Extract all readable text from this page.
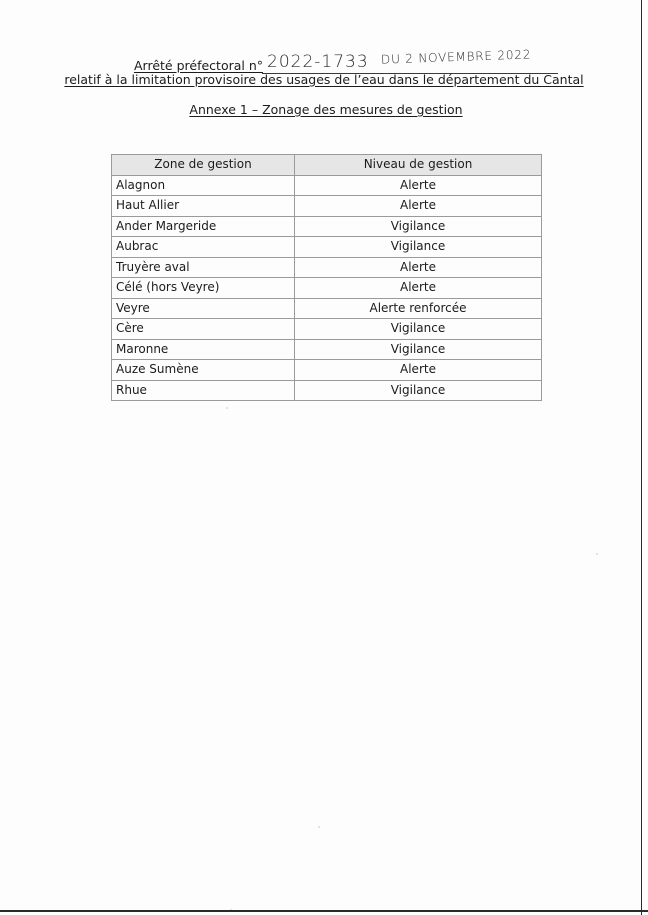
Arrêté préfectoral n° 2022-1733 DU 2 NOVEMBRE 2022
relatif à la limitation provisoire des usages de l’eau dans le département du Cantal
Annexe 1 – Zonage des mesures de gestion
Zone de gestion	Niveau de gestion
Alagnon	Alerte
Haut Allier	Alerte
Ander Margeride	Vigilance
Aubrac	Vigilance
Truyère aval	Alerte
Célé (hors Veyre)	Alerte
Veyre	Alerte renforcée
Cère	Vigilance
Maronne	Vigilance
Auze Sumène	Alerte
Rhue	Vigilance
